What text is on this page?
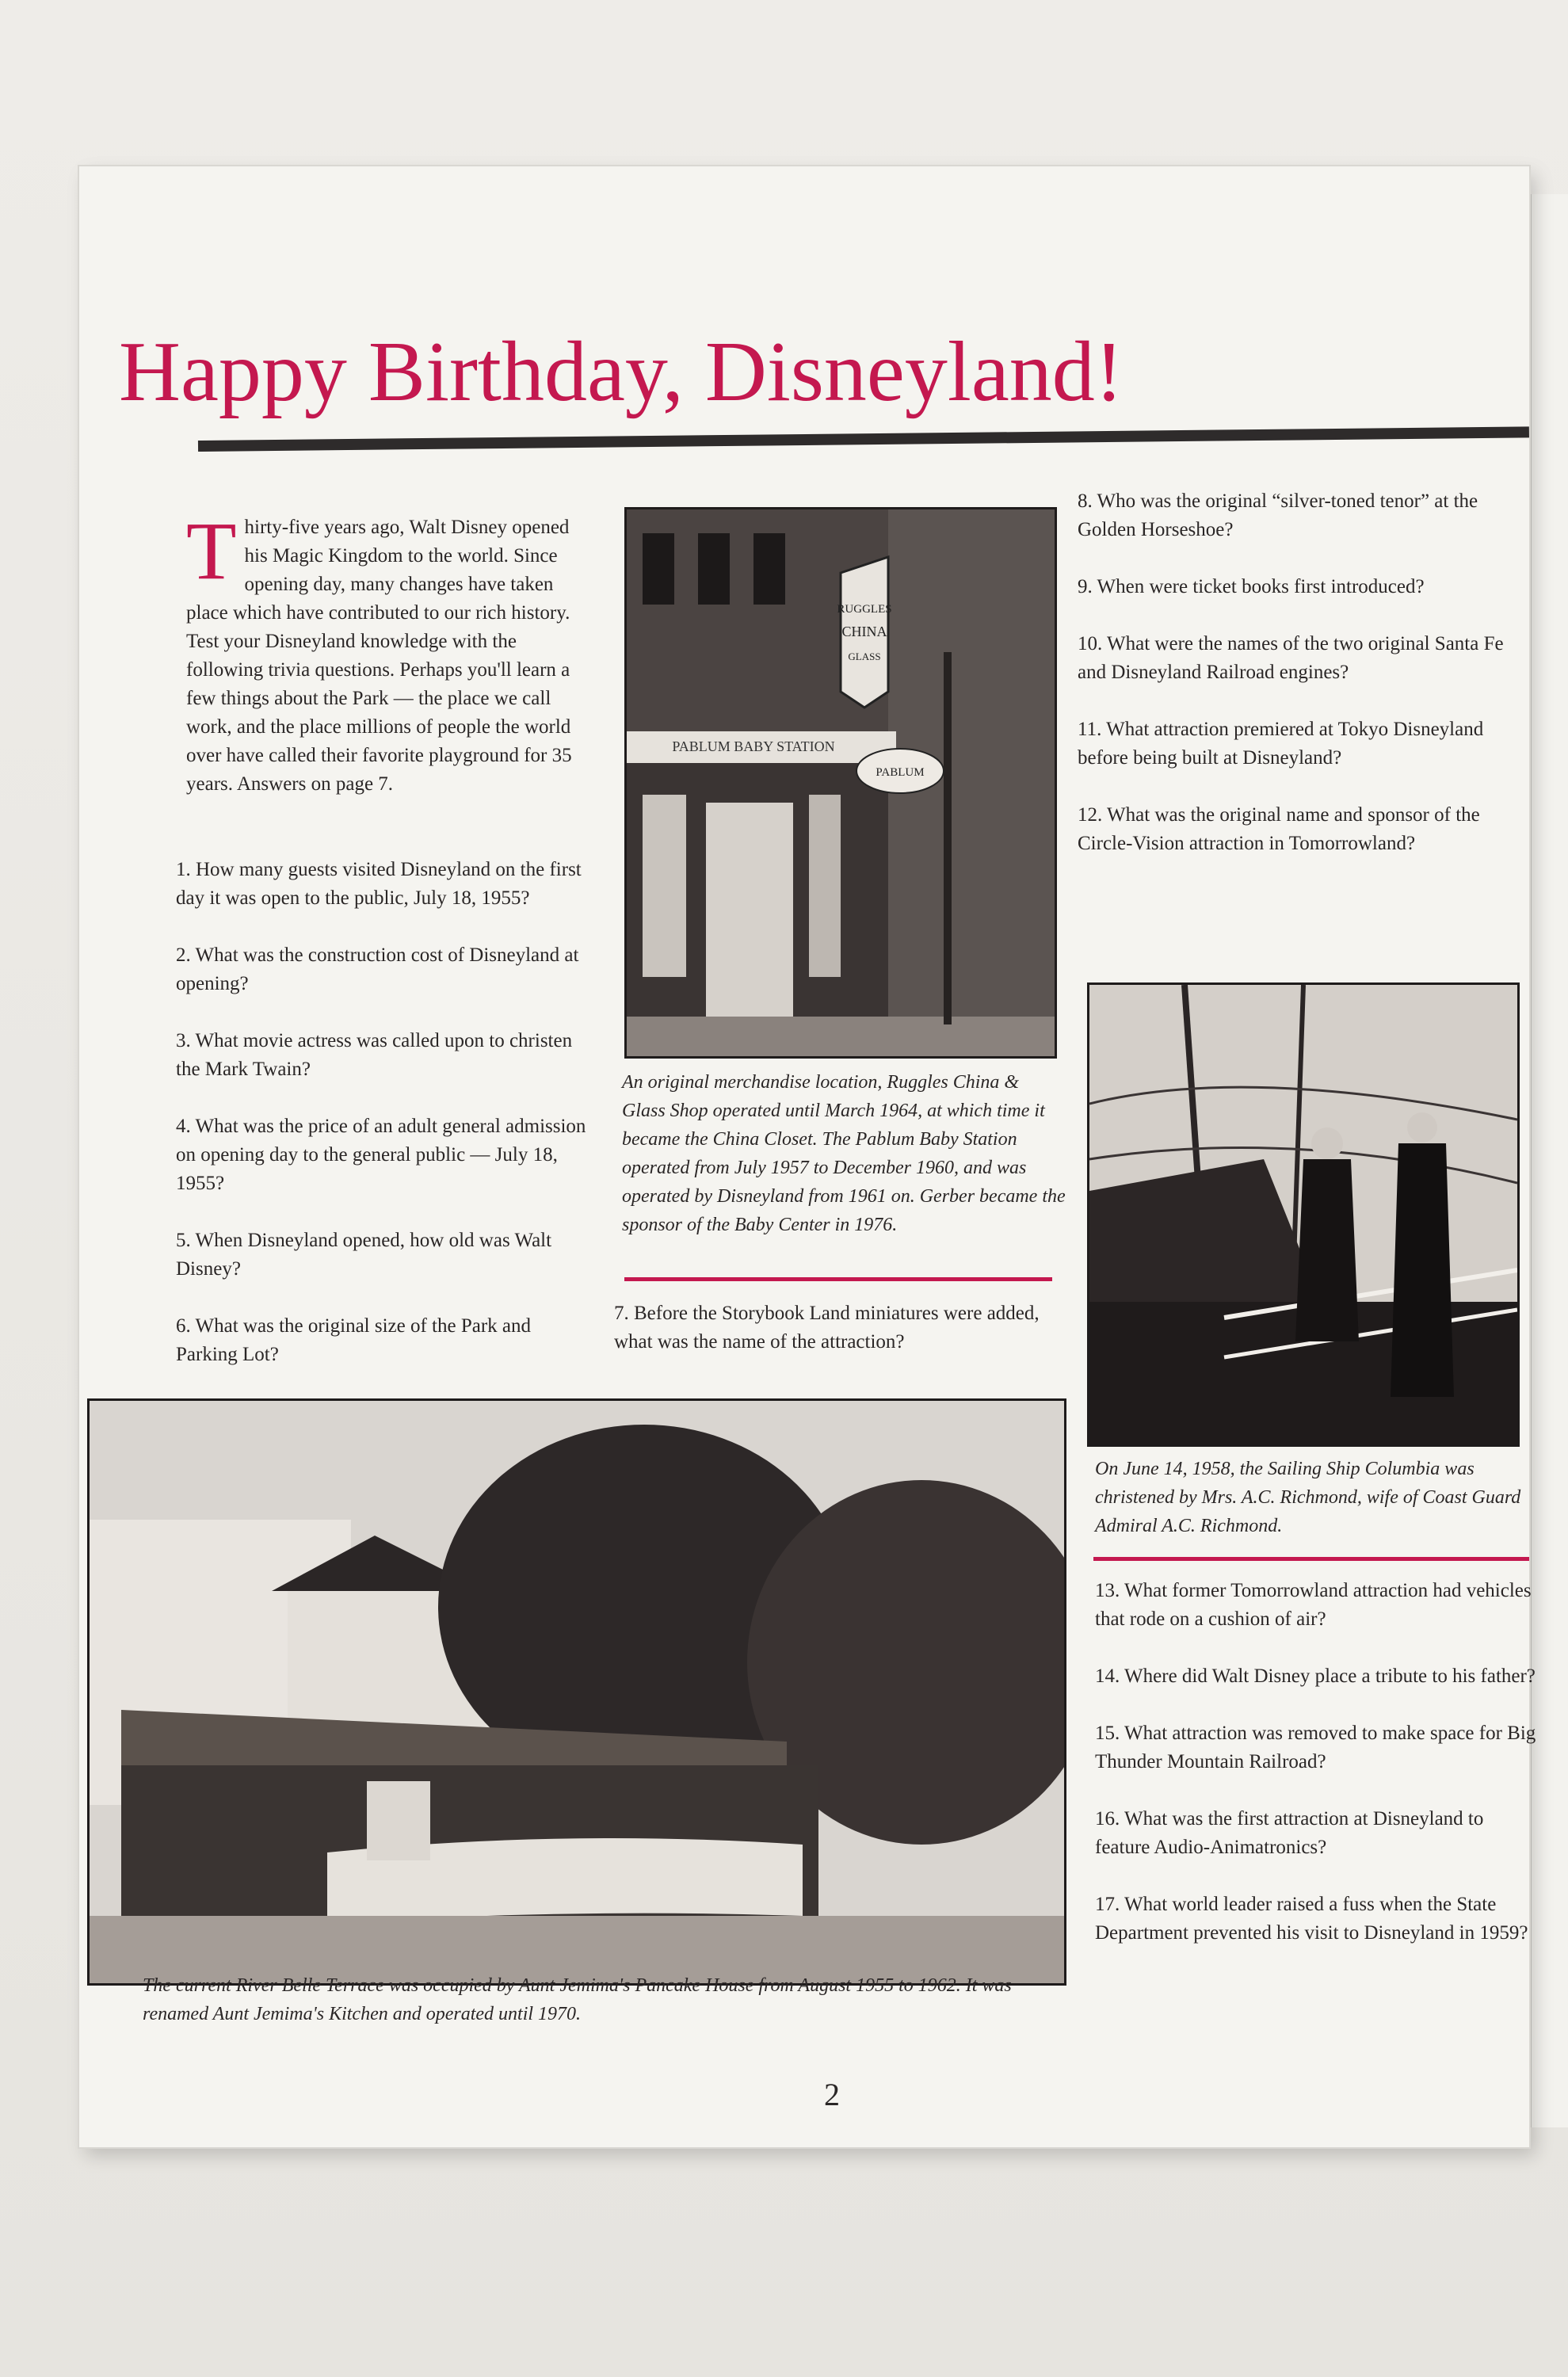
Happy Birthday, Disneyland!
T hirty-five years ago, Walt Disney opened his Magic Kingdom to the world. Since opening day, many changes have taken place which have contributed to our rich history. Test your Disneyland knowledge with the following trivia questions. Perhaps you'll learn a few things about the Park — the place we call work, and the place millions of people the world over have called their favorite playground for 35 years. Answers on page 7.

1. How many guests visited Disneyland on the first day it was open to the public, July 18, 1955?

2. What was the construction cost of Disneyland at opening?

3. What movie actress was called upon to christen the Mark Twain?

4. What was the price of an adult general admission on opening day to the general public — July 18, 1955?

5. When Disneyland opened, how old was Walt Disney?

6. What was the original size of the Park and Parking Lot?

RUGGLES
CHINA
GLASS
PABLUM
PABLUM BABY STATION
An original merchandise location, Ruggles China & Glass Shop operated until March 1964, at which time it became the China Closet. The Pablum Baby Station operated from July 1957 to December 1960, and was operated by Disneyland from 1961 on. Gerber became the sponsor of the Baby Center in 1976.
7. Before the Storybook Land miniatures were added, what was the name of the attraction?

8. Who was the original “silver-toned tenor” at the Golden Horseshoe?

9. When were ticket books first introduced?

10. What were the names of the two original Santa Fe and Disneyland Railroad engines?

11. What attraction premiered at Tokyo Disneyland before being built at Disneyland?

12. What was the original name and sponsor of the Circle-Vision attraction in Tomorrowland?

On June 14, 1958, the Sailing Ship Columbia was christened by Mrs. A.C. Richmond, wife of Coast Guard Admiral A.C. Richmond.

13. What former Tomorrowland attraction had vehicles that rode on a cushion of air?

14. Where did Walt Disney place a tribute to his father?

15. What attraction was removed to make space for Big Thunder Mountain Railroad?

16. What was the first attraction at Disneyland to feature Audio-Animatronics?

17. What world leader raised a fuss when the State Department prevented his visit to Disneyland in 1959?

The current River Belle Terrace was occupied by Aunt Jemima's Pancake House from August 1955 to 1962. It was renamed Aunt Jemima's Kitchen and operated until 1970.
2
